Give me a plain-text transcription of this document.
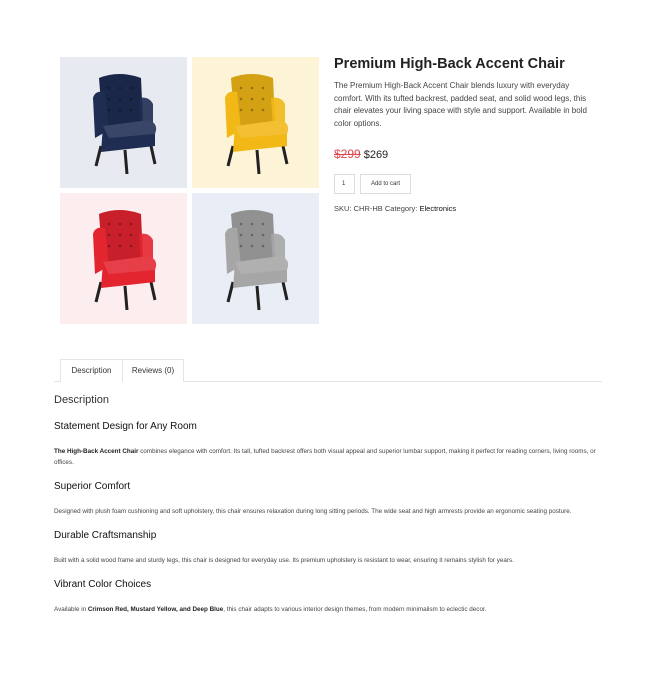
Premium High-Back Accent Chair

The Premium High-Back Accent Chair blends luxury with everyday comfort. With its tufted backrest, padded seat, and solid wood legs, this chair elevates your living space with style and support. Available in bold color options.

$299 $269
1	Add to cart
SKU: CHR-HB Category: Electronics
Description	Reviews (0)
Description
Statement Design for Any Room

The High-Back Accent Chair combines elegance with comfort. Its tall, tufted backrest offers both visual appeal and superior lumbar support, making it perfect for reading corners, living rooms, or offices.

Superior Comfort

Designed with plush foam cushioning and soft upholstery, this chair ensures relaxation during long sitting periods. The wide seat and high armrests provide an ergonomic seating posture.

Durable Craftsmanship

Built with a solid wood frame and sturdy legs, this chair is designed for everyday use. Its premium upholstery is resistant to wear, ensuring it remains stylish for years.

Vibrant Color Choices

Available in Crimson Red, Mustard Yellow, and Deep Blue, this chair adapts to various interior design themes, from modern minimalism to eclectic decor.
